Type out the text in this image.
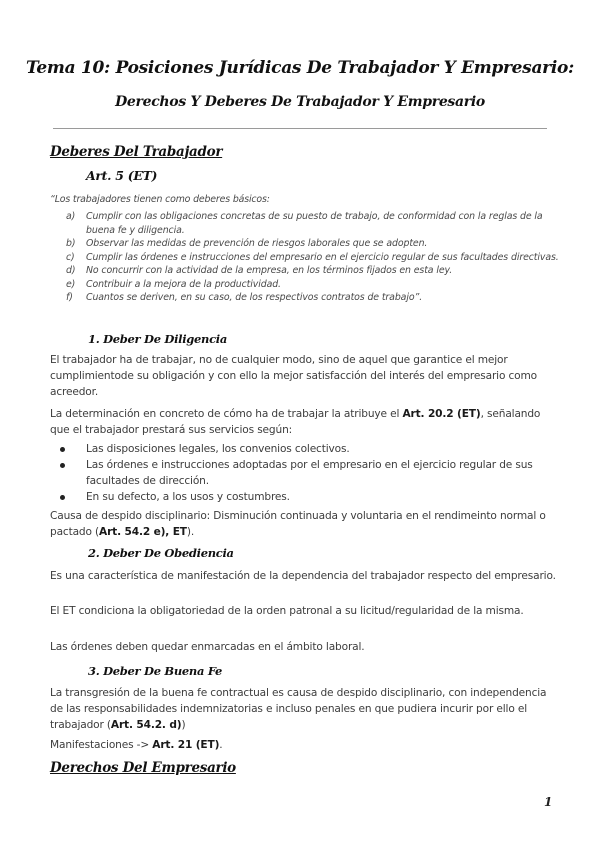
Tema 10: Posiciones Jurídicas De Trabajador Y Empresario:
Derechos Y Deberes De Trabajador Y Empresario
Deberes Del Trabajador
Art. 5 (ET)
“Los trabajadores tienen como deberes básicos:
a) Cumplir con las obligaciones concretas de su puesto de trabajo, de conformidad con la reglas de la buena fe y diligencia.
b) Observar las medidas de prevención de riesgos laborales que se adopten.
c) Cumplir las órdenes e instrucciones del empresario en el ejercicio regular de sus facultades directivas.
d) No concurrir con la actividad de la empresa, en los términos fijados en esta ley.
e) Contribuir a la mejora de la productividad.
f) Cuantos se deriven, en su caso, de los respectivos contratos de trabajo”.
1. Deber De Diligencia
El trabajador ha de trabajar, no de cualquier modo, sino de aquel que garantice el mejor cumplimientode su obligación y con ello la mejor satisfacción del interés del empresario como acreedor.
La determinación en concreto de cómo ha de trabajar la atribuye el Art. 20.2 (ET), señalando que el trabajador prestará sus servicios según:
Las disposiciones legales, los convenios colectivos.
Las órdenes e instrucciones adoptadas por el empresario en el ejercicio regular de sus facultades de dirección.
En su defecto, a los usos y costumbres.
Causa de despido disciplinario: Disminución continuada y voluntaria en el rendimeinto normal o pactado (Art. 54.2 e), ET).
2. Deber De Obediencia
Es una característica de manifestación de la dependencia del trabajador respecto del empresario.
El ET condiciona la obligatoriedad de la orden patronal a su licitud/regularidad de la misma.
Las órdenes deben quedar enmarcadas en el ámbito laboral.
3. Deber De Buena Fe
La transgresión de la buena fe contractual es causa de despido disciplinario, con independencia de las responsabilidades indemnizatorias e incluso penales en que pudiera incurir por ello el trabajador (Art. 54.2. d))
Manifestaciones -> Art. 21 (ET).
Derechos Del Empresario
1
